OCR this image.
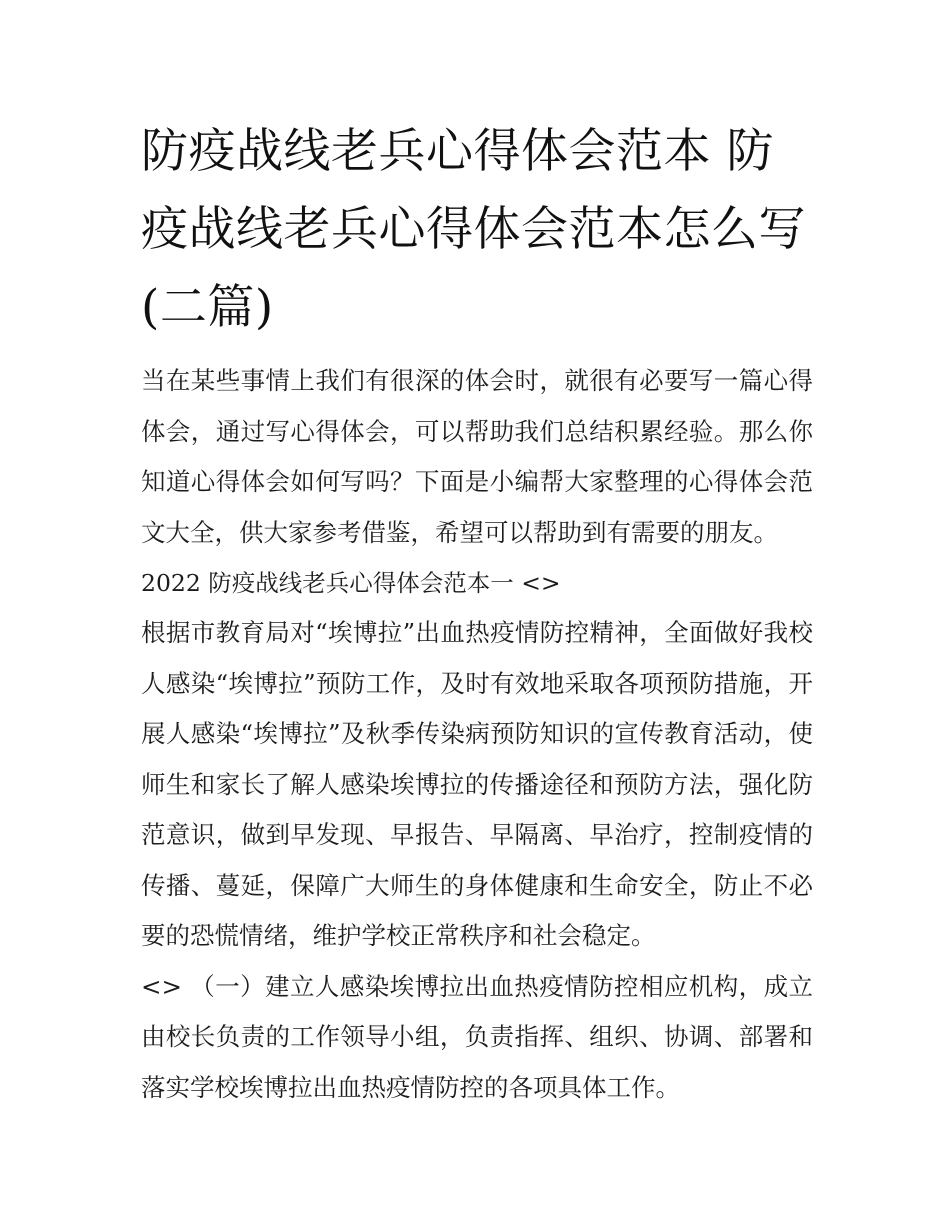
防疫战线老兵心得体会范本 防疫战线老兵心得体会范本怎么写(二篇)

当在某些事情上我们有很深的体会时，就很有必要写一篇心得体会，通过写心得体会，可以帮助我们总结积累经验。那么你知道心得体会如何写吗？下面是小编帮大家整理的心得体会范文大全，供大家参考借鉴，希望可以帮助到有需要的朋友。

2022 防疫战线老兵心得体会范本一 <>

根据市教育局对“埃博拉”出血热疫情防控精神，全面做好我校人感染“埃博拉”预防工作，及时有效地采取各项预防措施，开展人感染“埃博拉”及秋季传染病预防知识的宣传教育活动，使师生和家长了解人感染埃博拉的传播途径和预防方法，强化防范意识，做到早发现、早报告、早隔离、早治疗，控制疫情的传播、蔓延，保障广大师生的身体健康和生命安全，防止不必要的恐慌情绪，维护学校正常秩序和社会稳定。

<> （一）建立人感染埃博拉出血热疫情防控相应机构，成立由校长负责的工作领导小组，负责指挥、组织、协调、部署和落实学校埃博拉出血热疫情防控的各项具体工作。
